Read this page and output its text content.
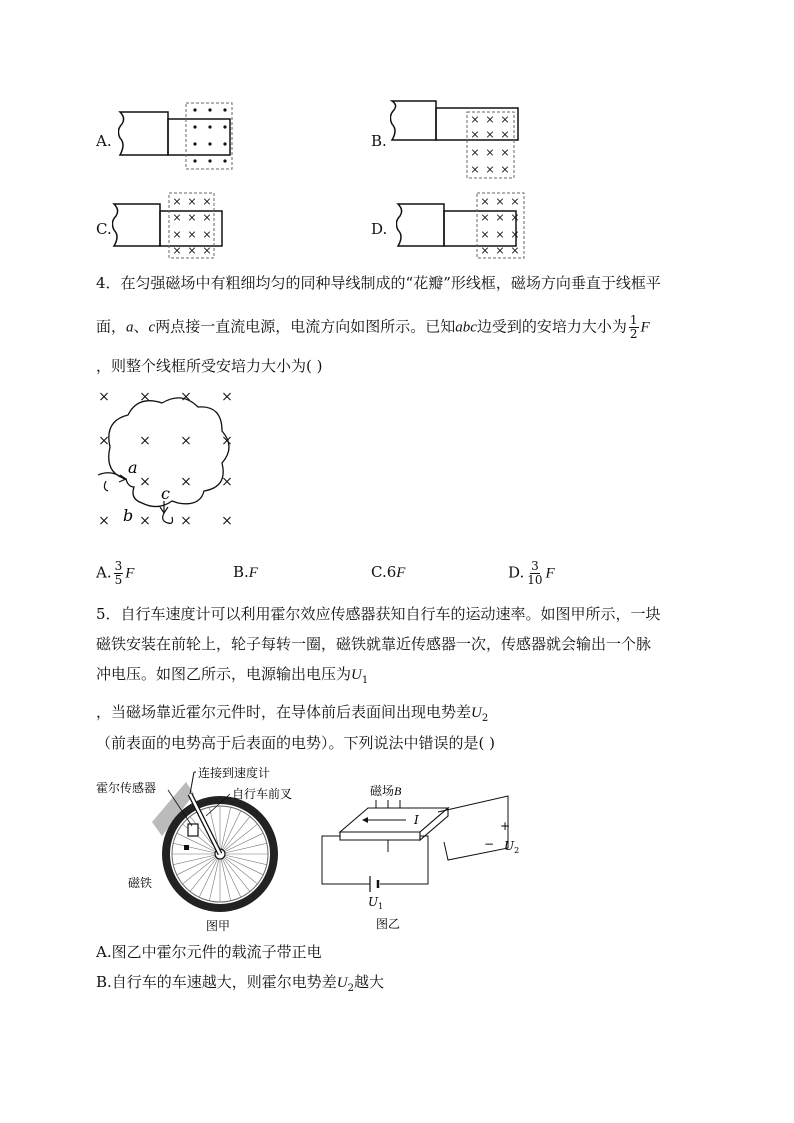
A.	B.
× × ×
× × ×
× × ×
× × ×
C.
× × ×
× × ×
× × ×
× × ×
D.
× × ×
× × ×
× × ×
× × ×
4．在匀强磁场中有粗细均匀的同种导线制成的“花瓣”形线框，磁场方向垂直于线框平
面，a、c两点接一直流电源，电流方向如图所示。已知abc边受到的安培力大小为 $\frac{1}{2}$ F
，则整个线框所受安培力大小为( )
× × × ×
× × × ×
× × ×
× × × ×
a
b
c
A. $\frac{3}{5}$ F	B.F	C.6F	D. $\frac{3}{10}$ F
5．自行车速度计可以利用霍尔效应传感器获知自行车的运动速率。如图甲所示，一块
磁铁安装在前轮上，轮子每转一圈，磁铁就靠近传感器一次，传感器就会输出一个脉
冲电压。如图乙所示，电源输出电压为$U_1$
，当磁场靠近霍尔元件时，在导体前后表面间出现电势差$U_2$
（前表面的电势高于后表面的电势）。下列说法中错误的是( )
连接到速度计
霍尔传感器	自行车前叉
磁铁
图甲
磁场B
I	+
− $U_2$
$U_1$
图乙
A.图乙中霍尔元件的载流子带正电
B.自行车的车速越大，则霍尔电势差$U_2$越大
